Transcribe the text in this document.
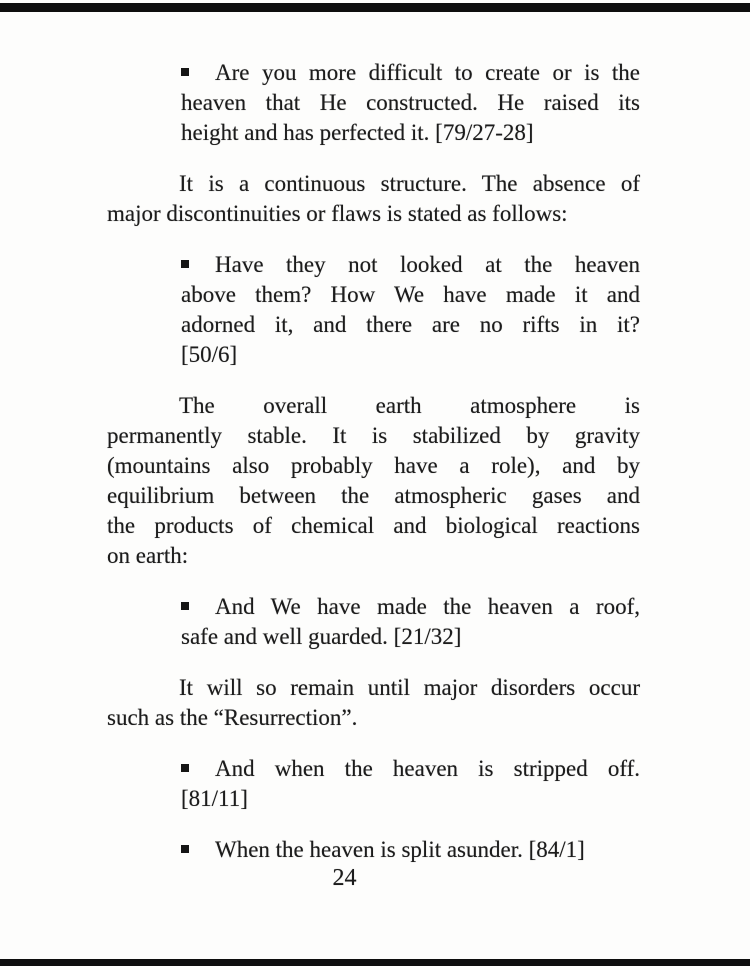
Are you more difficult to create or is the
heaven that He constructed. He raised its
height and has perfected it. [79/27-28]
It is a continuous structure. The absence of
major discontinuities or flaws is stated as follows:
Have they not looked at the heaven
above them? How We have made it and
adorned it, and there are no rifts in it?
[50/6]
The overall earth atmosphere is
permanently stable. It is stabilized by gravity
(mountains also probably have a role), and by
equilibrium between the atmospheric gases and
the products of chemical and biological reactions
on earth:
And We have made the heaven a roof,
safe and well guarded. [21/32]
It will so remain until major disorders occur
such as the “Resurrection”.
And when the heaven is stripped off.
[81/11]
When the heaven is split asunder. [84/1]
24
